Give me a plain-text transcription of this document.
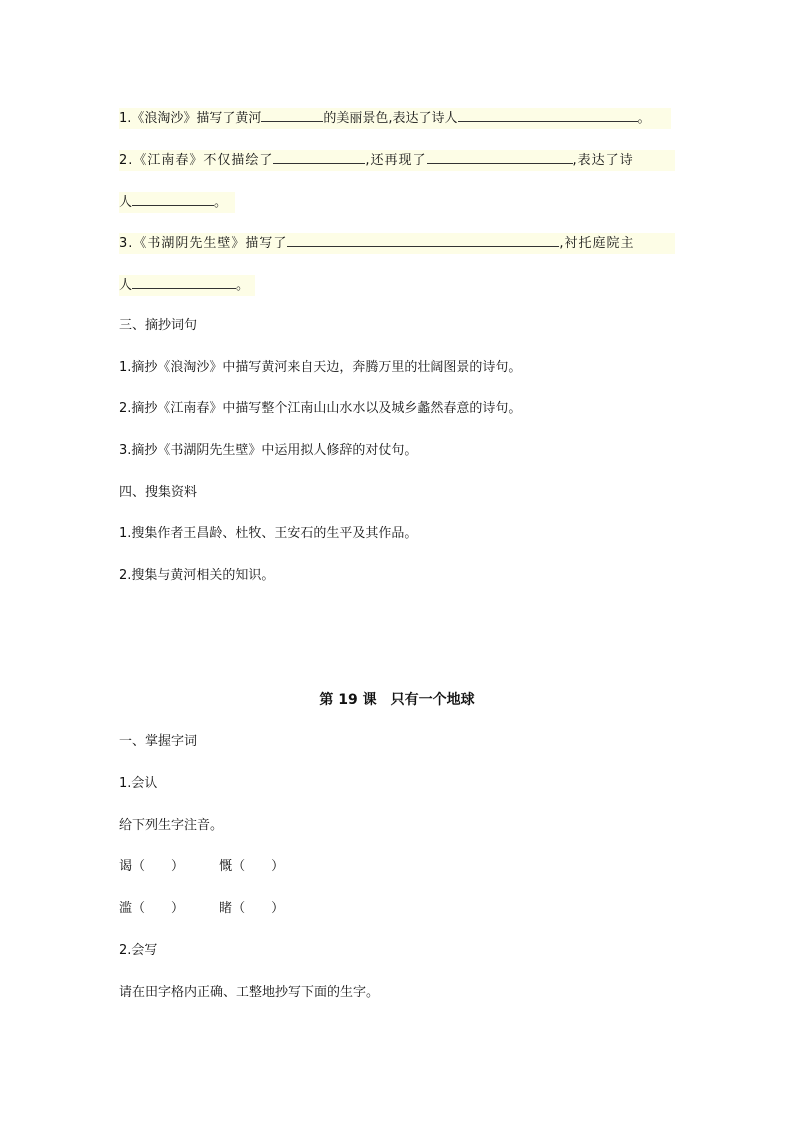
1.《浪淘沙》描写了黄河	的美丽景色,表达了诗人	。
2.《江南春》不仅描绘了	,还再现了	,表达了诗
人	。
3.《书湖阴先生壁》描写了	,衬托庭院主
人	。
三、摘抄词句
1.摘抄《浪淘沙》中描写黄河来自天边，奔腾万里的壮阔图景的诗句。
2.摘抄《江南春》中描写整个江南山山水水以及城乡蠡然春意的诗句。
3.摘抄《书湖阴先生壁》中运用拟人修辞的对仗句。
四、搜集资料
1.搜集作者王昌龄、杜牧、王安石的生平及其作品。
2.搜集与黄河相关的知识。
第 19 课　只有一个地球
一、掌握字词
1.会认
给下列生字注音。
谒（　　）	慨（　　）
滥（　　）	睹（　　）
2.会写
请在田字格内正确、工整地抄写下面的生字。
